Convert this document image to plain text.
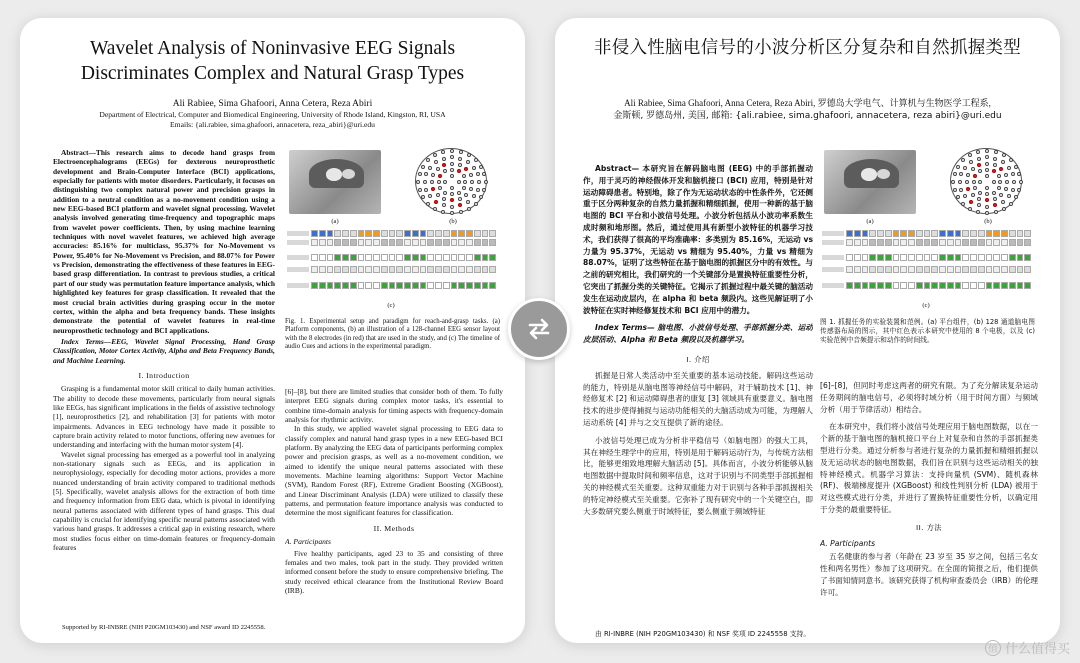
Wavelet Analysis of Noninvasive EEG Signals Discriminates Complex and Natural Grasp Types
Ali Rabiee, Sima Ghafoori, Anna Cetera, Reza Abiri
Department of Electrical, Computer and Biomedical Engineering, University of Rhode Island, Kingston, RI, USA
Emails: {ali.rabiee, sima.ghafoori, annacetera, reza_abiri}@uri.edu

Abstract—This research aims to decode hand grasps from Electroencephalograms (EEGs) for dexterous neuroprosthetic development and Brain-Computer Interface (BCI) applications, especially for patients with motor disorders. Particularly, it focuses on distinguishing two complex natural power and precision grasps in addition to a neutral condition as a no-movement condition using a new EEG-based BCI platform and wavelet signal processing. Wavelet analysis involved generating time-frequency and topographic maps from wavelet power coefficients. Then, by using machine learning techniques with novel wavelet features, we achieved high average accuracies: 85.16% for multiclass, 95.37% for No-Movement vs Power, 95.40% for No-Movement vs Precision, and 88.07% for Power vs Precision, demonstrating the effectiveness of these features in EEG-based grasp differentiation. In contrast to previous studies, a critical part of our study was permutation feature importance analysis, which highlighted key features for grasp classification. It revealed that the most crucial brain activities during grasping occur in the motor cortex, within the alpha and beta frequency bands. These insights demonstrate the potential of wavelet features in real-time neuroprosthetic technology and BCI applications.

Index Terms—EEG, Wavelet Signal Processing, Hand Grasp Classification, Motor Cortex Activity, Alpha and Beta Frequency Bands, and Machine Learning.

I. Introduction

Grasping is a fundamental motor skill critical to daily human activities. The ability to decode these movements, particularly from neural signals like EEGs, has significant implications in the fields of assistive technology [1], neuroprosthetics [2], and rehabilitation [3] for patients with motor impairments. Advances in EEG technology have made it possible to capture brain activity related to motor functions, offering new avenues for understanding and interfacing with the human motor system [4].

Wavelet signal processing has emerged as a powerful tool in analyzing non-stationary signals such as EEGs, and its application in neurophysiology, especially for decoding motor actions, provides a more nuanced understanding of brain activity compared to traditional methods [5]. Specifically, wavelet analysis allows for the extraction of both time and frequency information from EEG data, which is pivotal in identifying neural patterns associated with different types of hand grasps. This dual capability is crucial for identifying specific neural patterns associated with various hand grasps. It addresses a critical gap in existing research, where most studies focus either on time-domain features or frequency-domain features

Supported by RI-INBRE (NIH P20GM103430) and NSF award ID 2245558.
(a)	(b)
(c)
Fig. 1. Experimental setup and paradigm for reach-and-grasp tasks. (a) Platform components, (b) an illustration of a 128-channel EEG sensor layout with the 8 electrodes (in red) that are used in the study, and (c) The timeline of audio Cues and actions in the experimental paradigm.

[6]–[8], but there are limited studies that consider both of them. To fully interpret EEG signals during complex motor tasks, it's essential to combine time-domain analysis for timing aspects with frequency-domain analysis for rhythmic activity.

In this study, we applied wavelet signal processing to EEG data to classify complex and natural hand grasp types in a new EEG-based BCI platform. By analyzing the EEG data of participants performing complex power and precision grasps, as well as a no-movement condition, we aimed to identify the unique neural patterns associated with these movements. Machine learning algorithms: Support Vector Machine (SVM), Random Forest (RF), Extreme Gradient Boosting (XGBoost), and Linear Discriminant Analysis (LDA) were utilized to classify these patterns, and permutation feature importance analysis was conducted to determine the most significant features for classification.

II. Methods
A. Participants

Five healthy participants, aged 23 to 35 and consisting of three females and two males, took part in the study. They provided written informed consent before the study to ensure comprehensive briefing. The study received ethical clearance from the Institutional Review Board (IRB).

非侵入性脑电信号的小波分析区分复杂和自然抓握类型
Ali Rabiee, Sima Ghafoori, Anna Cetera, Reza Abiri, 罗德岛大学电气、计算机与生物医学工程系,
金斯顿, 罗德岛州, 美国, 邮箱: {ali.rabiee, sima.ghafoori, annacetera, reza abiri}@uri.edu

Abstract— 本研究旨在解码脑电图 (EEG) 中的手部抓握动作，用于灵巧的神经假体开发和脑机接口 (BCI) 应用，特别是针对运动障碍患者。特别地，除了作为无运动状态的中性条件外，它还侧重于区分两种复杂的自然力量抓握和精细抓握，使用一种新的基于脑电图的 BCI 平台和小波信号处理。小波分析包括从小波功率系数生成时频和地形图。然后，通过使用具有新型小波特征的机器学习技术，我们获得了很高的平均准确率：多类别为 85.16%，无运动 vs 力量为 95.37%，无运动 vs 精细为 95.40%，力量 vs 精细为 88.07%，证明了这些特征在基于脑电图的抓握区分中的有效性。与之前的研究相比，我们研究的一个关键部分是置换特征重要性分析，它突出了抓握分类的关键特征。它揭示了抓握过程中最关键的脑活动发生在运动皮层内，在 alpha 和 beta 频段内。这些见解证明了小波特征在实时神经修复技术和 BCI 应用中的潜力。

Index Terms— 脑电图、小波信号处理、手部抓握分类、运动皮层活动、Alpha 和 Beta 频段以及机器学习。

I. 介绍

抓握是日常人类活动中至关重要的基本运动技能。解码这些运动的能力，特别是从脑电图等神经信号中解码，对于辅助技术 [1]、神经修复术 [2] 和运动障碍患者的康复 [3] 领域具有重要意义。脑电图技术的进步使得捕捉与运动功能相关的大脑活动成为可能，为理解人运动系统 [4] 并与之交互提供了新的途径。

小波信号处理已成为分析非平稳信号（如脑电图）的强大工具，其在神经生理学中的应用，特别是用于解码运动行为，与传统方法相比，能够更细致地理解大脑活动 [5]。具体而言，小波分析能够从脑电图数据中提取时间和频率信息，这对于识别与不同类型手部抓握相关的神经模式至关重要。这种双重能力对于识别与各种手部抓握相关的特定神经模式至关重要。它弥补了现有研究中的一个关键空白，即大多数研究要么侧重于时域特征，要么侧重于频域特征

由 RI-INBRE (NIH P20GM103430) 和 NSF 奖项 ID 2245558 支持。
(a)	(b)
(c)
图 1. 抓握任务的实验装置和范例。(a) 平台组件，(b) 128 通道脑电图传感器布局的图示，其中红色表示本研究中使用的 8 个电极，以及 (c) 实验范例中音频提示和动作的时间线。

[6]–[8]，但同时考虑这两者的研究有限。为了充分解读复杂运动任务期间的脑电信号，必须将时域分析（用于时间方面）与频域分析（用于节律活动）相结合。

在本研究中，我们将小波信号处理应用于脑电图数据，以在一个新的基于脑电图的脑机接口平台上对复杂和自然的手部抓握类型进行分类。通过分析参与者进行复杂的力量抓握和精细抓握以及无运动状态的脑电图数据，我们旨在识别与这些运动相关的独特神经模式。机器学习算法：支持向量机 (SVM)、随机森林 (RF)、极端梯度提升 (XGBoost) 和线性判别分析 (LDA) 被用于对这些模式进行分类，并进行了置换特征重要性分析，以确定用于分类的最重要特征。

II. 方法
A. Participants

五名健康的参与者（年龄在 23 岁至 35 岁之间，包括三名女性和两名男性）参加了这项研究。在全面的简报之后，他们提供了书面知情同意书。该研究获得了机构审查委员会（IRB）的伦理许可。

值 什么值得买
